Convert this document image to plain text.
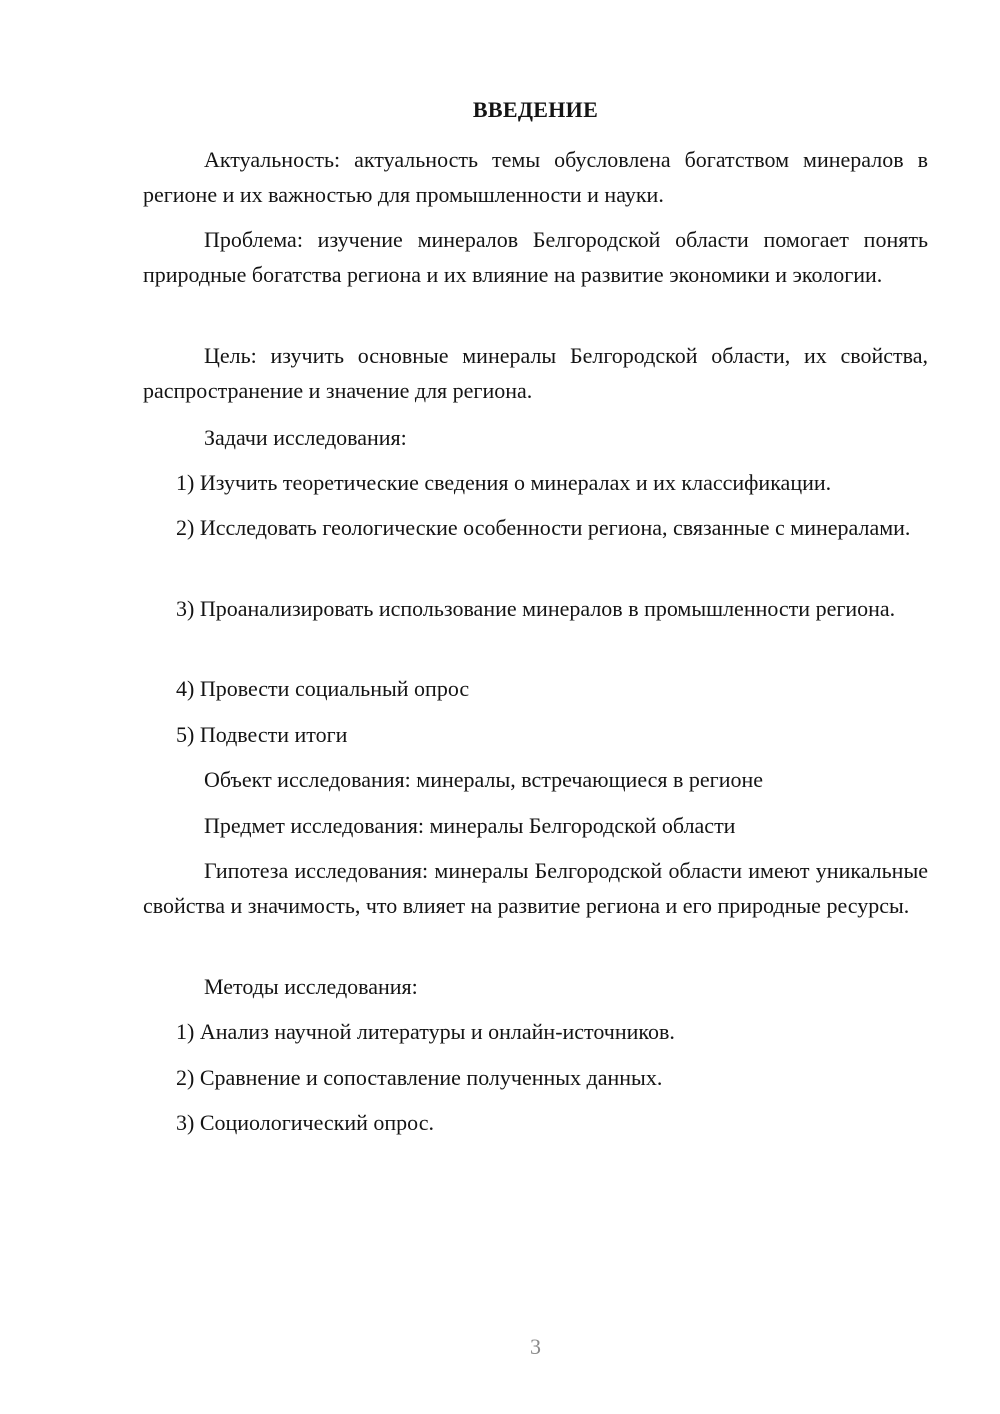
ВВЕДЕНИЕ

Актуальность: актуальность темы обусловлена богатством минералов в регионе и их важностью для промышленности и науки.

Проблема: изучение минералов Белгородской области помогает понять природные богатства региона и их влияние на развитие экономики и экологии.

Цель: изучить основные минералы Белгородской области, их свойства, распространение и значение для региона.

Задачи исследования:

1) Изучить теоретические сведения о минералах и их классификации.

2) Исследовать геологические особенности региона, связанные с минералами.

3) Проанализировать использование минералов в промышленности региона.

4) Провести социальный опрос

5) Подвести итоги

Объект исследования: минералы, встречающиеся в регионе

Предмет исследования: минералы Белгородской области

Гипотеза исследования: минералы Белгородской области имеют уникальные свойства и значимость, что влияет на развитие региона и его природные ресурсы.

Методы исследования:

1) Анализ научной литературы и онлайн-источников.

2) Сравнение и сопоставление полученных данных.

3) Социологический опрос.

3
